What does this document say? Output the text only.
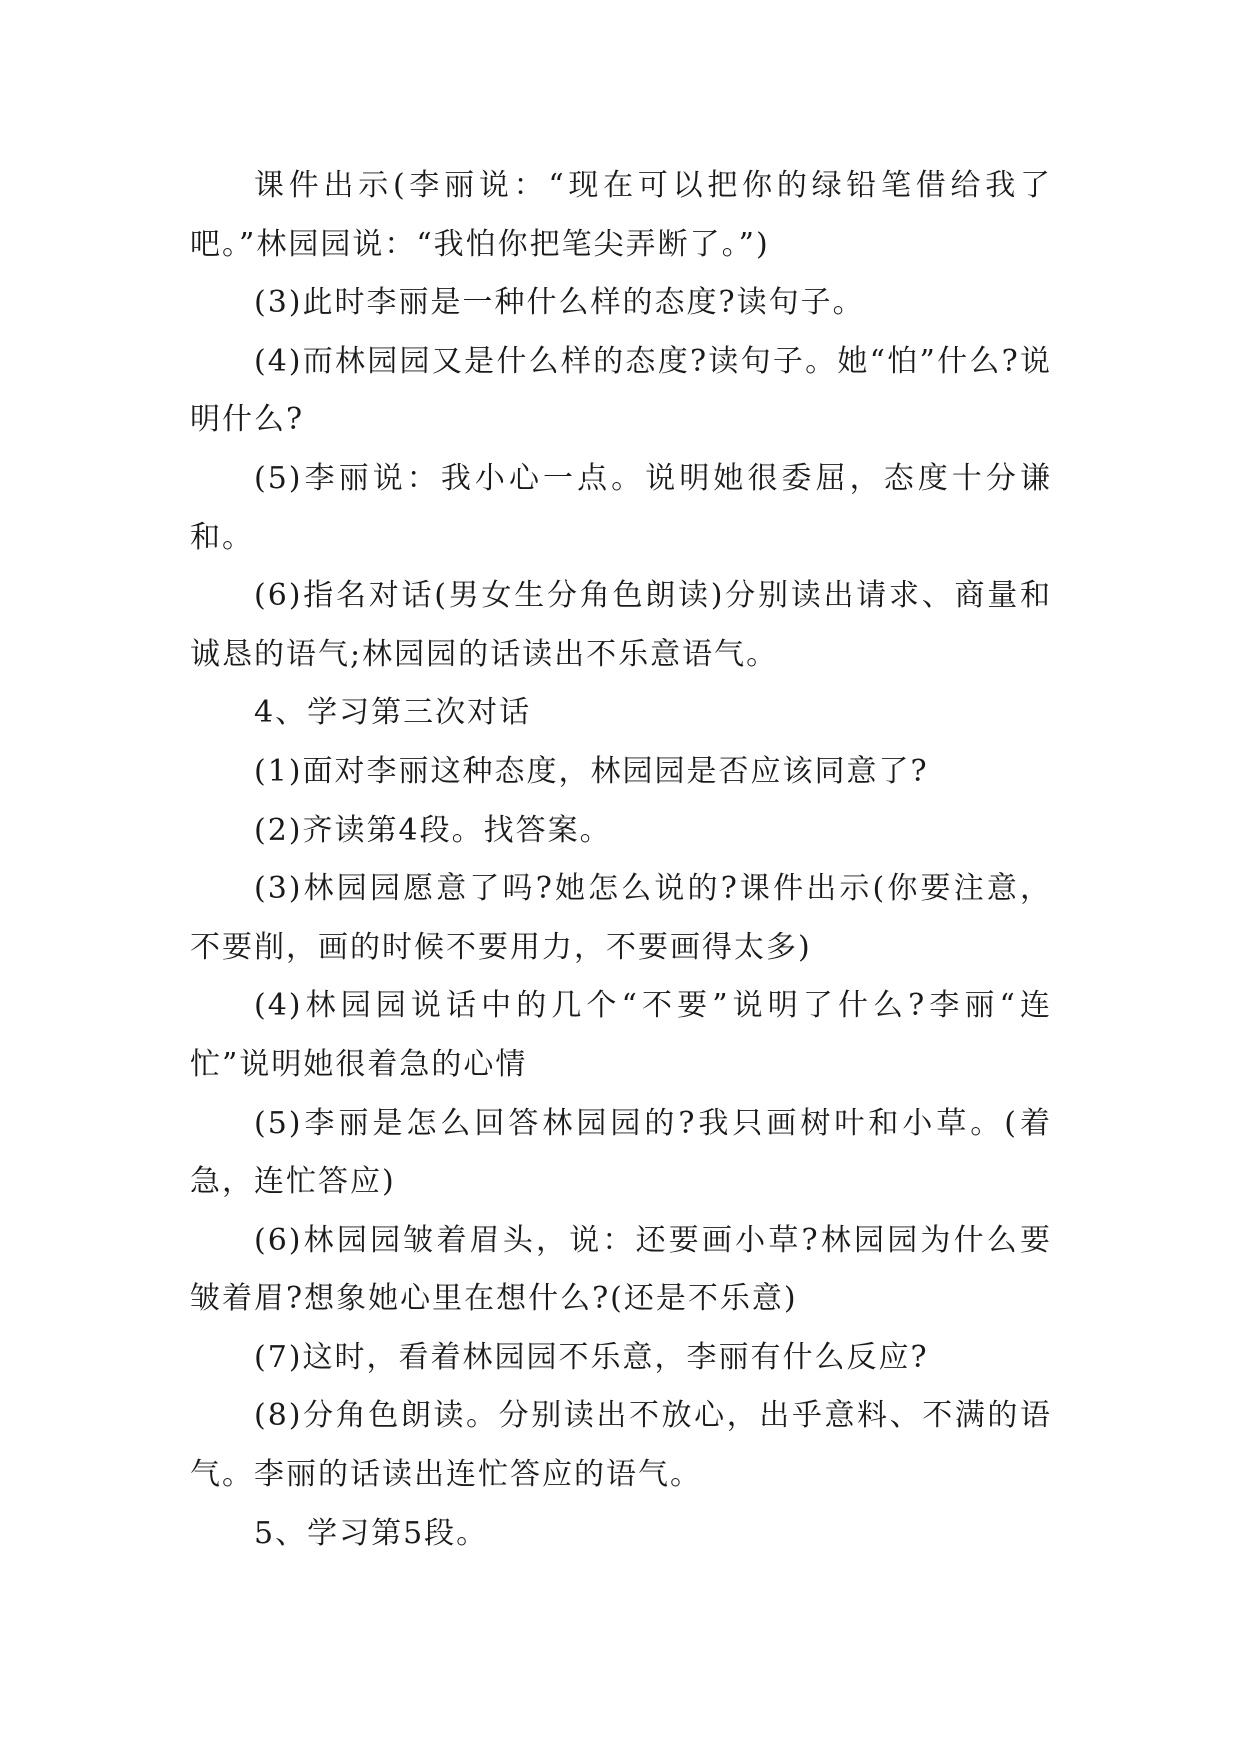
课件出示(李丽说：“现在可以把你的绿铅笔借给我了吧。”林园园说：“我怕你把笔尖弄断了。”)

(3)此时李丽是一种什么样的态度?读句子。

(4)而林园园又是什么样的态度?读句子。她“怕”什么?说明什么?

(5)李丽说：我小心一点。说明她很委屈，态度十分谦和。

(6)指名对话(男女生分角色朗读)分别读出请求、商量和诚恳的语气;林园园的话读出不乐意语气。

4、学习第三次对话

(1)面对李丽这种态度，林园园是否应该同意了?

(2)齐读第4段。找答案。

(3)林园园愿意了吗?她怎么说的?课件出示(你要注意，不要削，画的时候不要用力，不要画得太多)

(4)林园园说话中的几个“不要”说明了什么?李丽“连忙”说明她很着急的心情

(5)李丽是怎么回答林园园的?我只画树叶和小草。(着急，连忙答应)

(6)林园园皱着眉头，说：还要画小草?林园园为什么要皱着眉?想象她心里在想什么?(还是不乐意)

(7)这时，看着林园园不乐意，李丽有什么反应?

(8)分角色朗读。分别读出不放心，出乎意料、不满的语气。李丽的话读出连忙答应的语气。

5、学习第5段。
